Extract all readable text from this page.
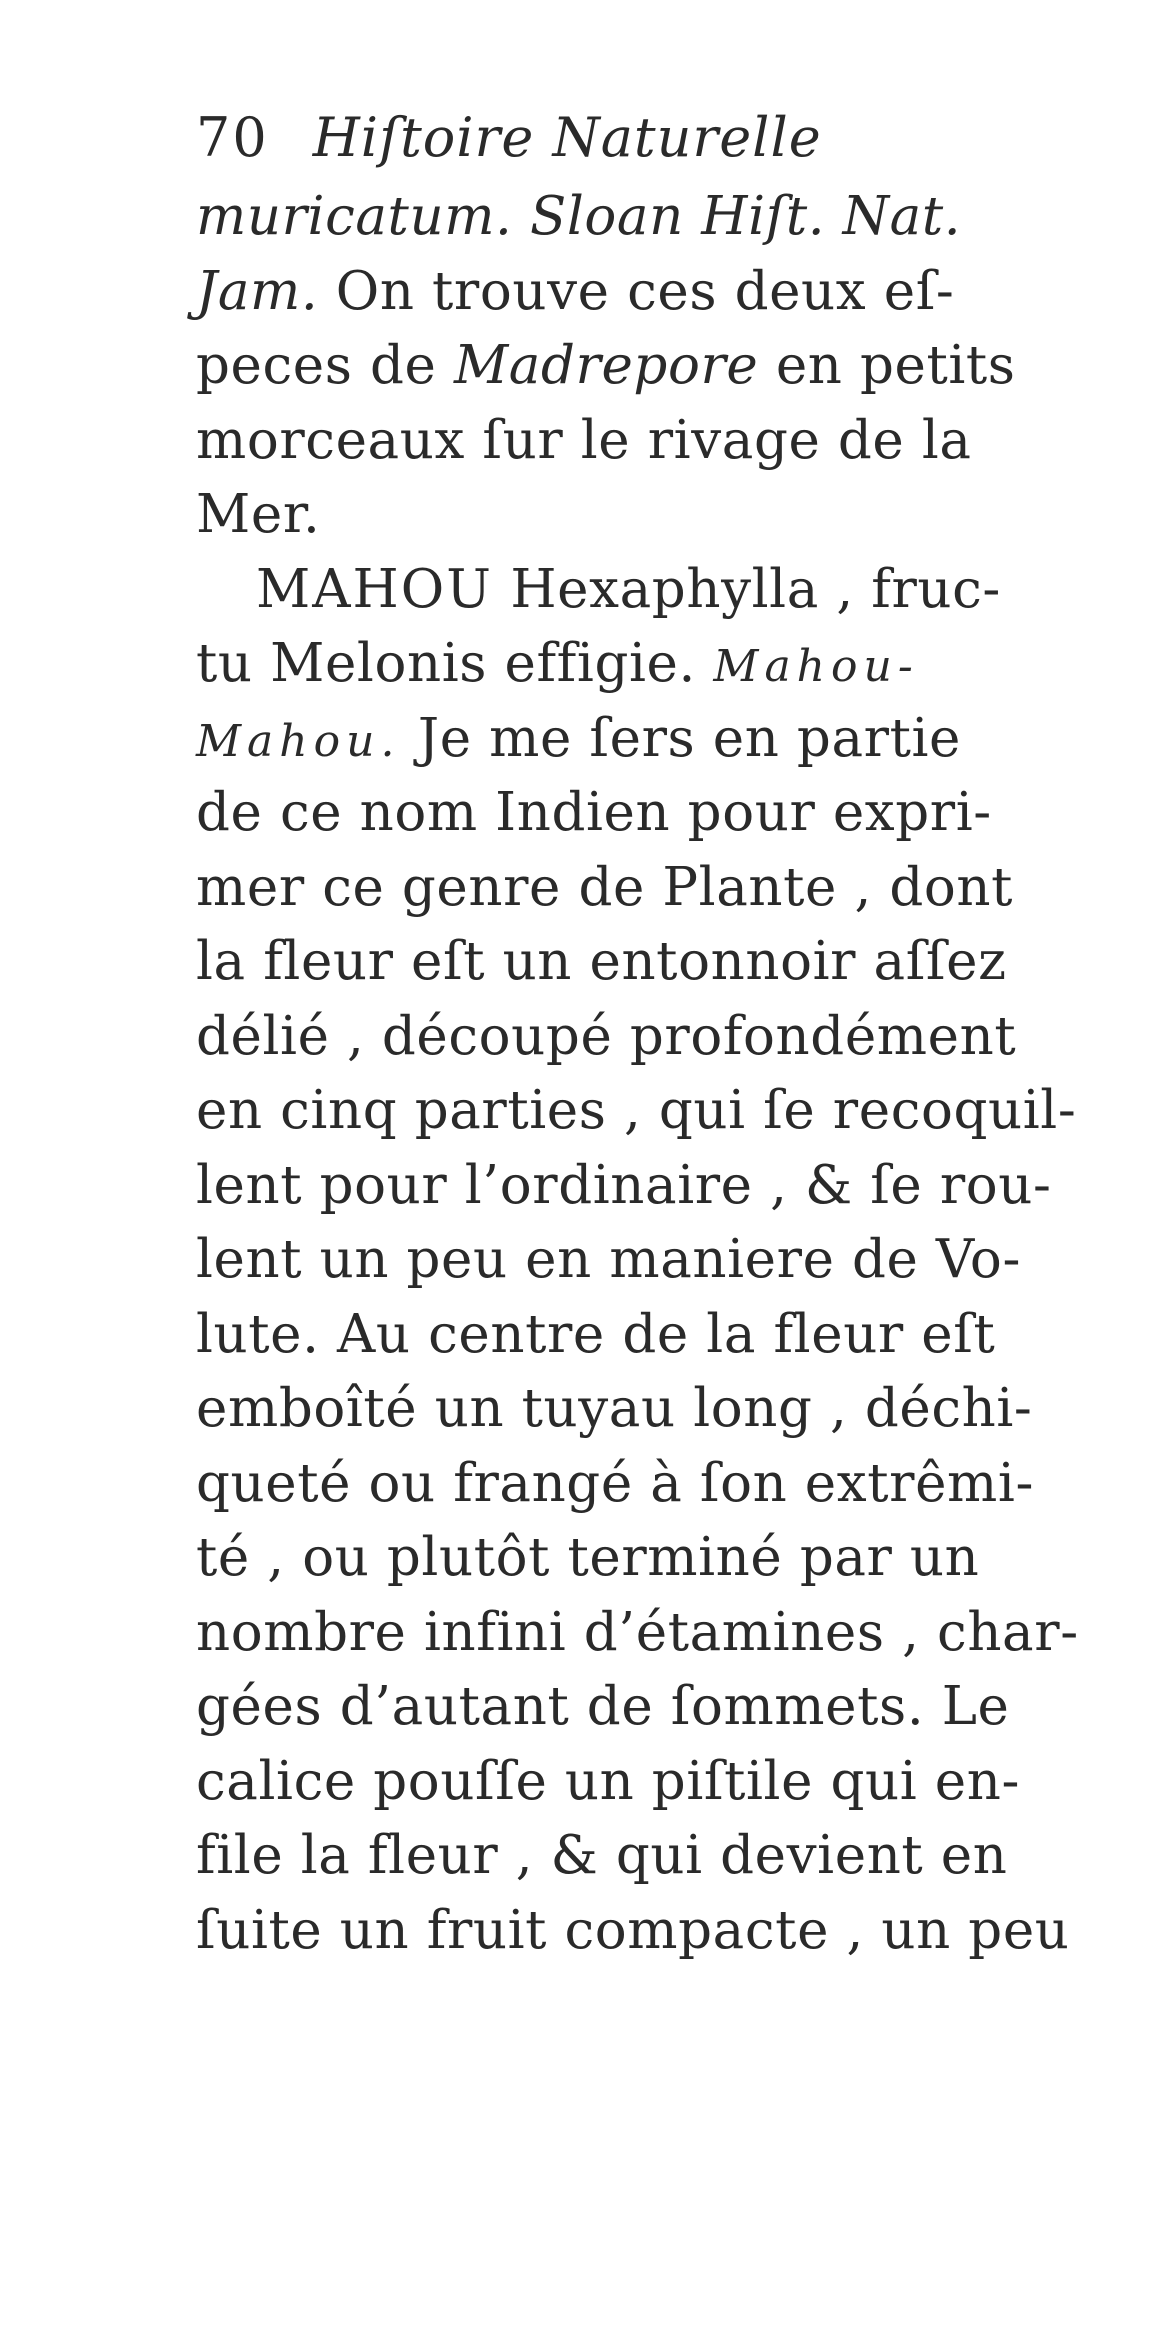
70 Hiſtoire Naturelle
muricatum. Sloan Hiſt. Nat.
Jam. On trouve ces deux eſ-
peces de Madrepore en petits
morceaux ſur le rivage de la
Mer.
MAHOU Hexaphylla , fruc-
tu Melonis effigie. Mahou-
Mahou. Je me ſers en partie
de ce nom Indien pour expri-
mer ce genre de Plante , dont
la fleur eſt un entonnoir aſſez
délié , découpé profondément
en cinq parties , qui ſe recoquil-
lent pour l’ordinaire , & ſe rou-
lent un peu en maniere de Vo-
lute. Au centre de la fleur eſt
emboîté un tuyau long , déchi-
queté ou frangé à ſon extrêmi-
té , ou plutôt terminé par un
nombre infini d’étamines , char-
gées d’autant de ſommets. Le
calice pouſſe un piſtile qui en-
file la fleur , & qui devient en
ſuite un fruit compacte , un peu
